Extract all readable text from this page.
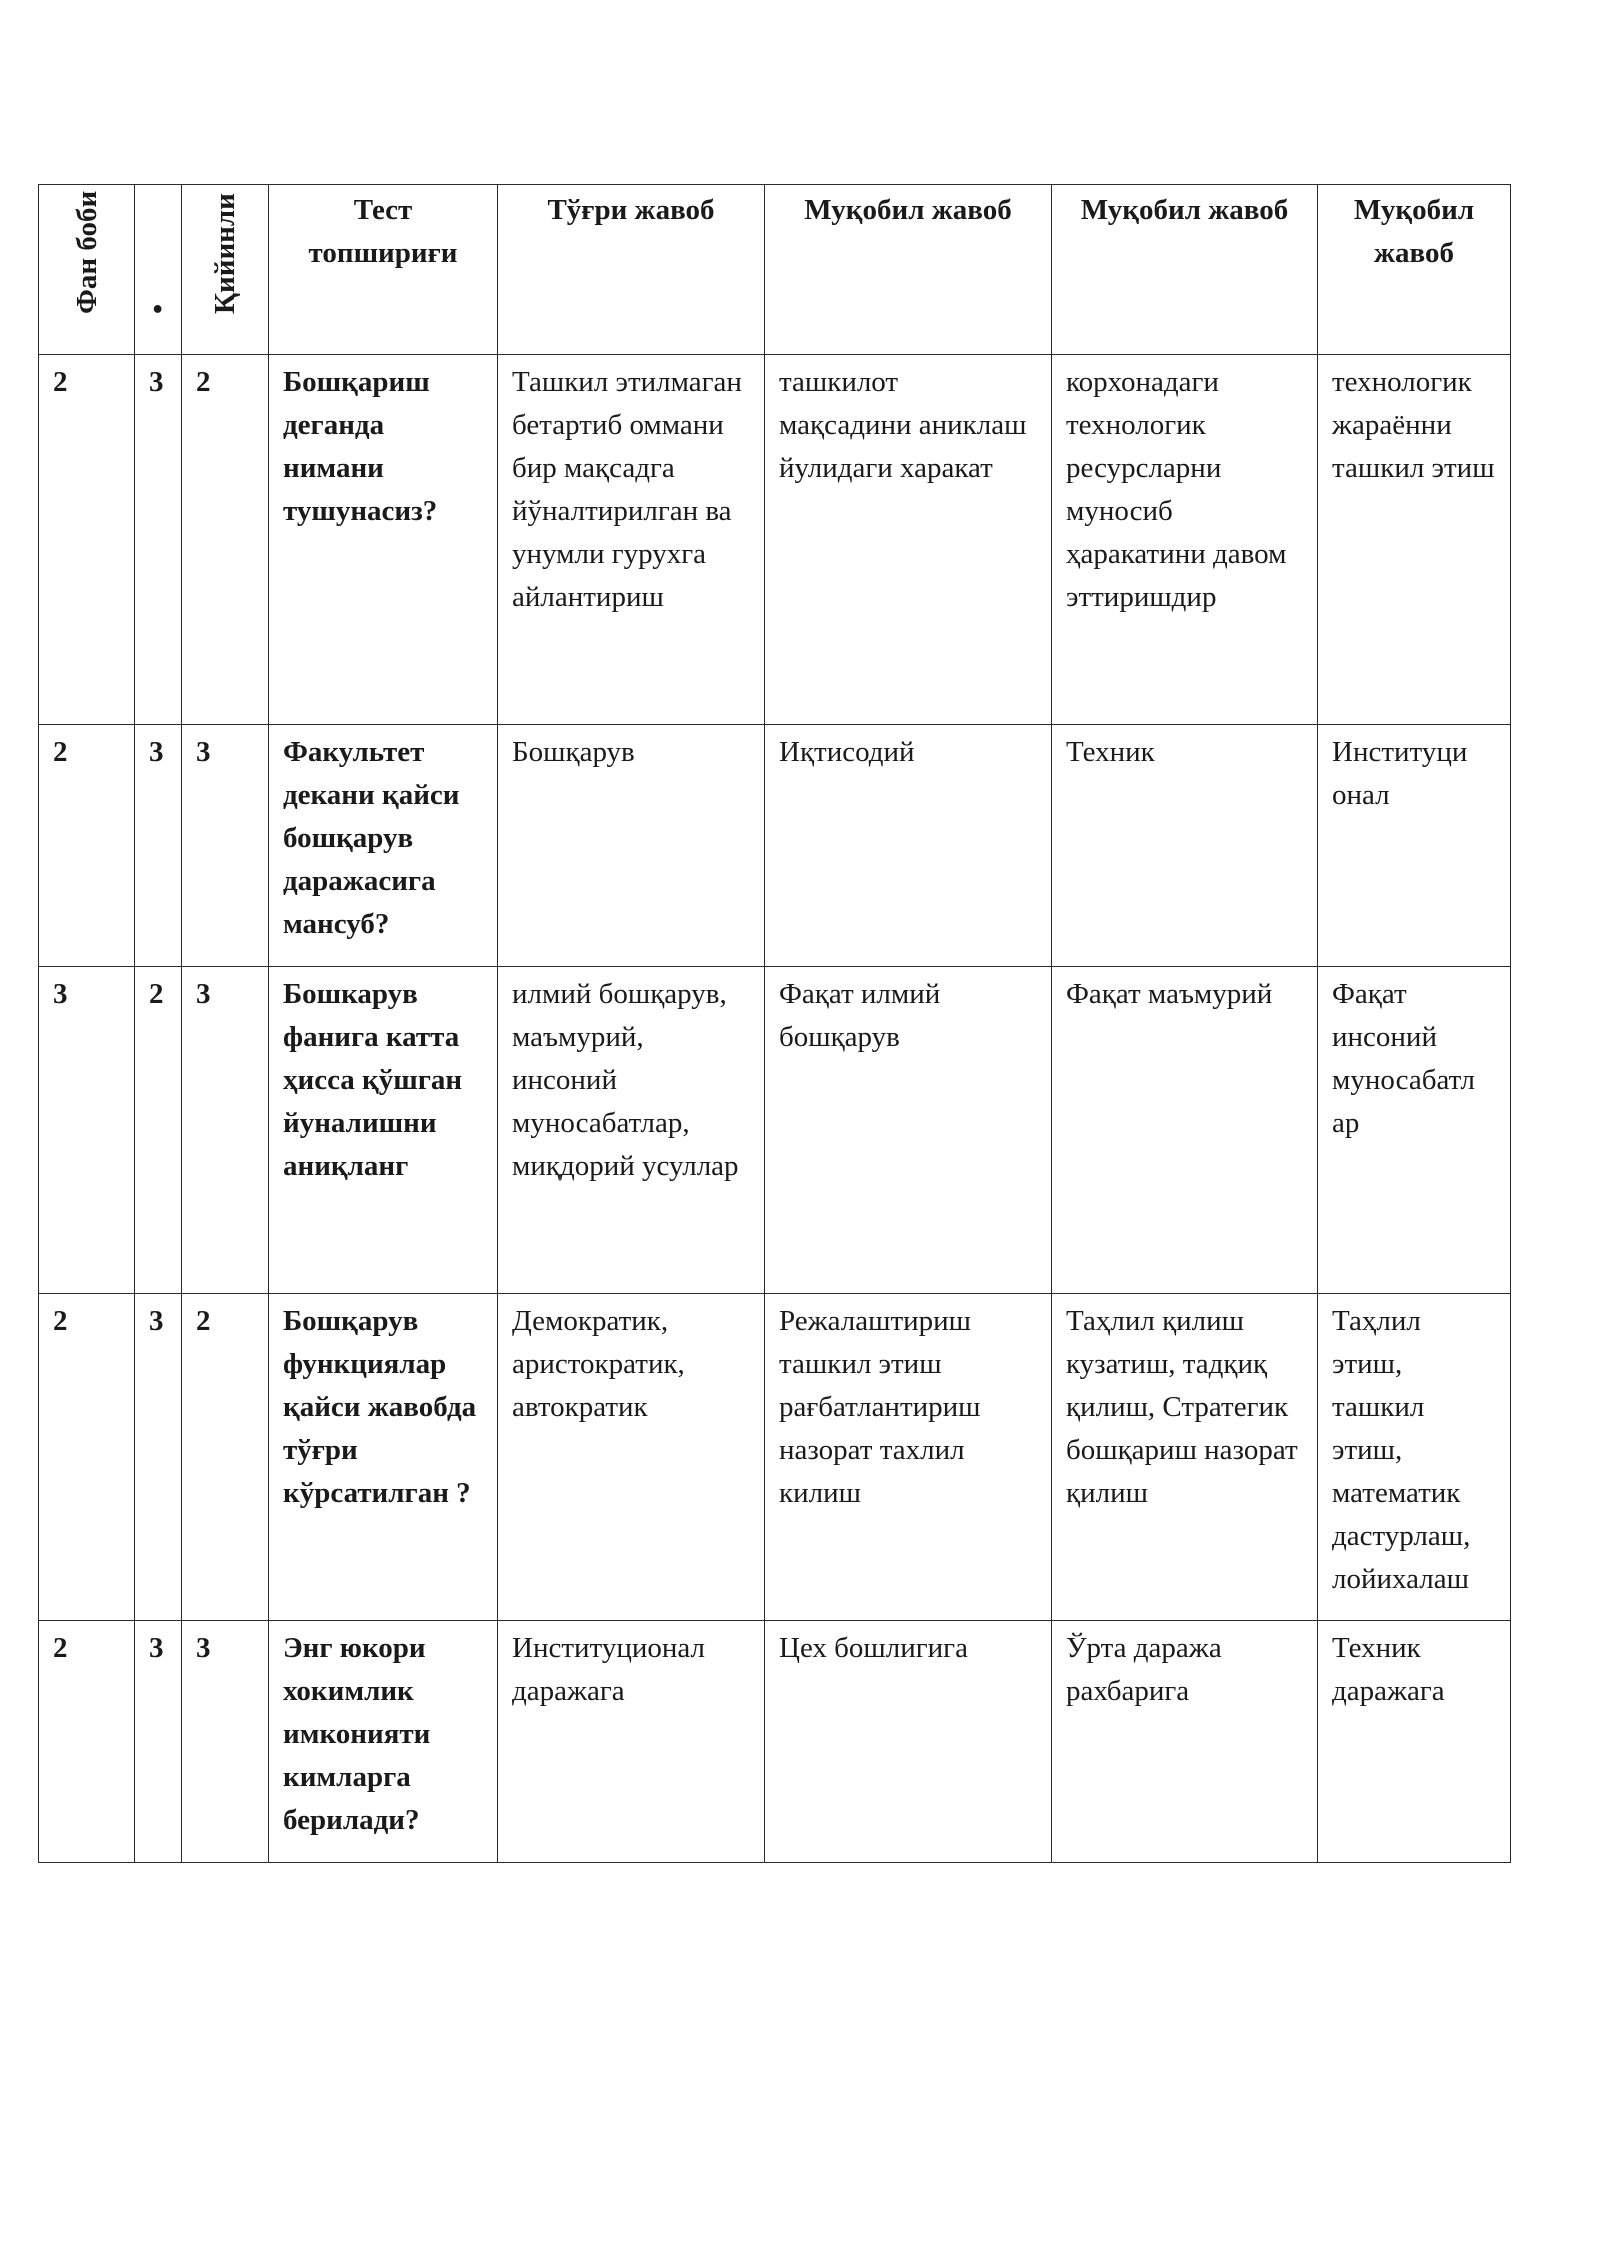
Фан боби	•	Қийинли	Тест топшириғи	Тўғри жавоб	Муқобил жавоб	Муқобил жавоб	Муқобил жавоб
2	3	2	Бошқариш деганда нимани тушунасиз?	Ташкил этилмаган бетартиб оммани бир мақсадга йўналтирилган ва унумли гурухга айлантириш	ташкилот мақсадини аниклаш йулидаги харакат	корхонадаги технологик ресурсларни муносиб ҳаракатини давом эттиришдир	технологик жараённи ташкил этиш
2	3	3	Факультет декани қайси бошқарув даражасига мансуб?	Бошқарув	Иқтисодий	Техник	Институци онал
3	2	3	Бошкарув фанига катта ҳисса қўшган йуналишни аниқланг	илмий бошқарув, маъмурий, инсоний муносабатлар, миқдорий усуллар	Фақат илмий бошқарув	Фақат маъмурий	Фақат инсоний муносабатл ар
2	3	2	Бошқарув функциялар қайси жавобда тўғри кўрсатилган ?	Демократик, аристократик, автократик	Режалаштириш ташкил этиш рағбатлантириш назорат тахлил килиш	Таҳлил қилиш кузатиш, тадқиқ қилиш, Стратегик бошқариш назорат қилиш	Таҳлил этиш, ташкил этиш, математик дастурлаш, лойихалаш
2	3	3	Энг юкори хокимлик имконияти кимларга берилади?	Институционал даражага	Цех бошлигига	Ўрта даража рахбарига	Техник даражага
